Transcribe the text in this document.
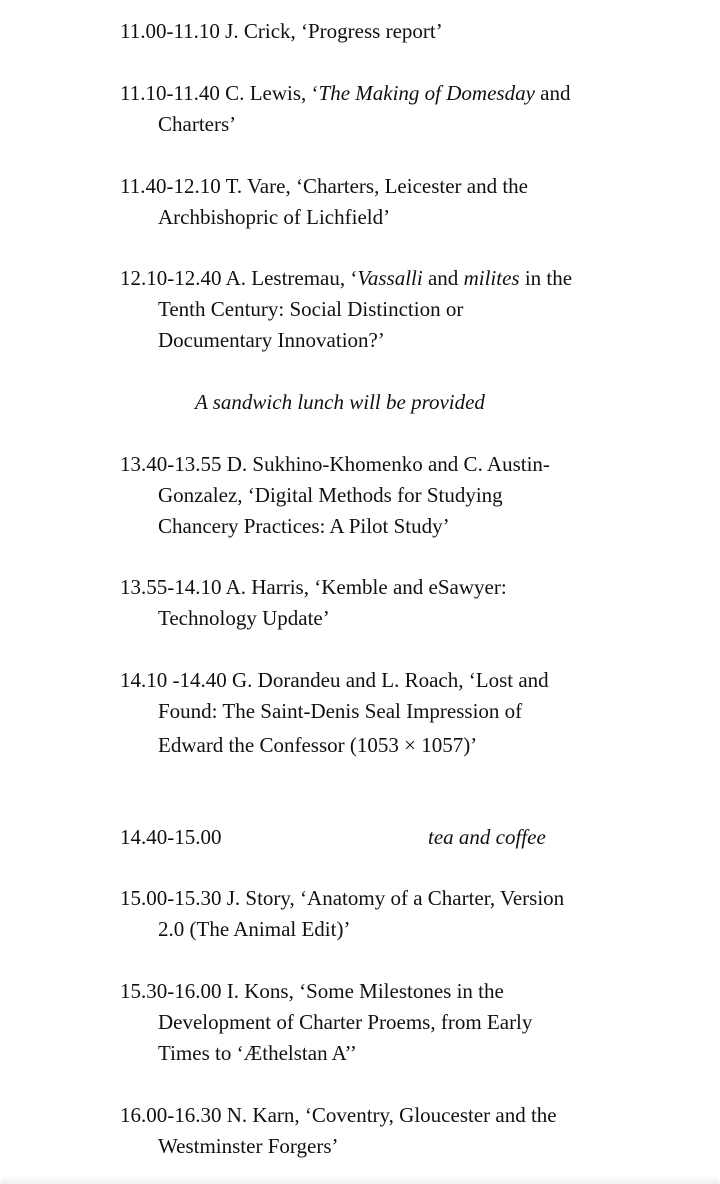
11.00-11.10 J. Crick, ‘Progress report’
11.10-11.40 C. Lewis, ‘The Making of Domesday and
Charters’
11.40-12.10 T. Vare, ‘Charters, Leicester and the
Archbishopric of Lichfield’
12.10-12.40 A. Lestremau, ‘Vassalli and milites in the
Tenth Century: Social Distinction or
Documentary Innovation?’
A sandwich lunch will be provided
13.40-13.55 D. Sukhino-Khomenko and C. Austin-
Gonzalez, ‘Digital Methods for Studying
Chancery Practices: A Pilot Study’
13.55-14.10 A. Harris, ‘Kemble and eSawyer:
Technology Update’
14.10 -14.40 G. Dorandeu and L. Roach, ‘Lost and
Found: The Saint-Denis Seal Impression of
Edward the Confessor (1053 × 1057)’
14.40-15.00	tea and coffee
15.00-15.30 J. Story, ‘Anatomy of a Charter, Version
2.0 (The Animal Edit)’
15.30-16.00 I. Kons, ‘Some Milestones in the
Development of Charter Proems, from Early
Times to ‘Æthelstan A’’
16.00-16.30 N. Karn, ‘Coventry, Gloucester and the
Westminster Forgers’
